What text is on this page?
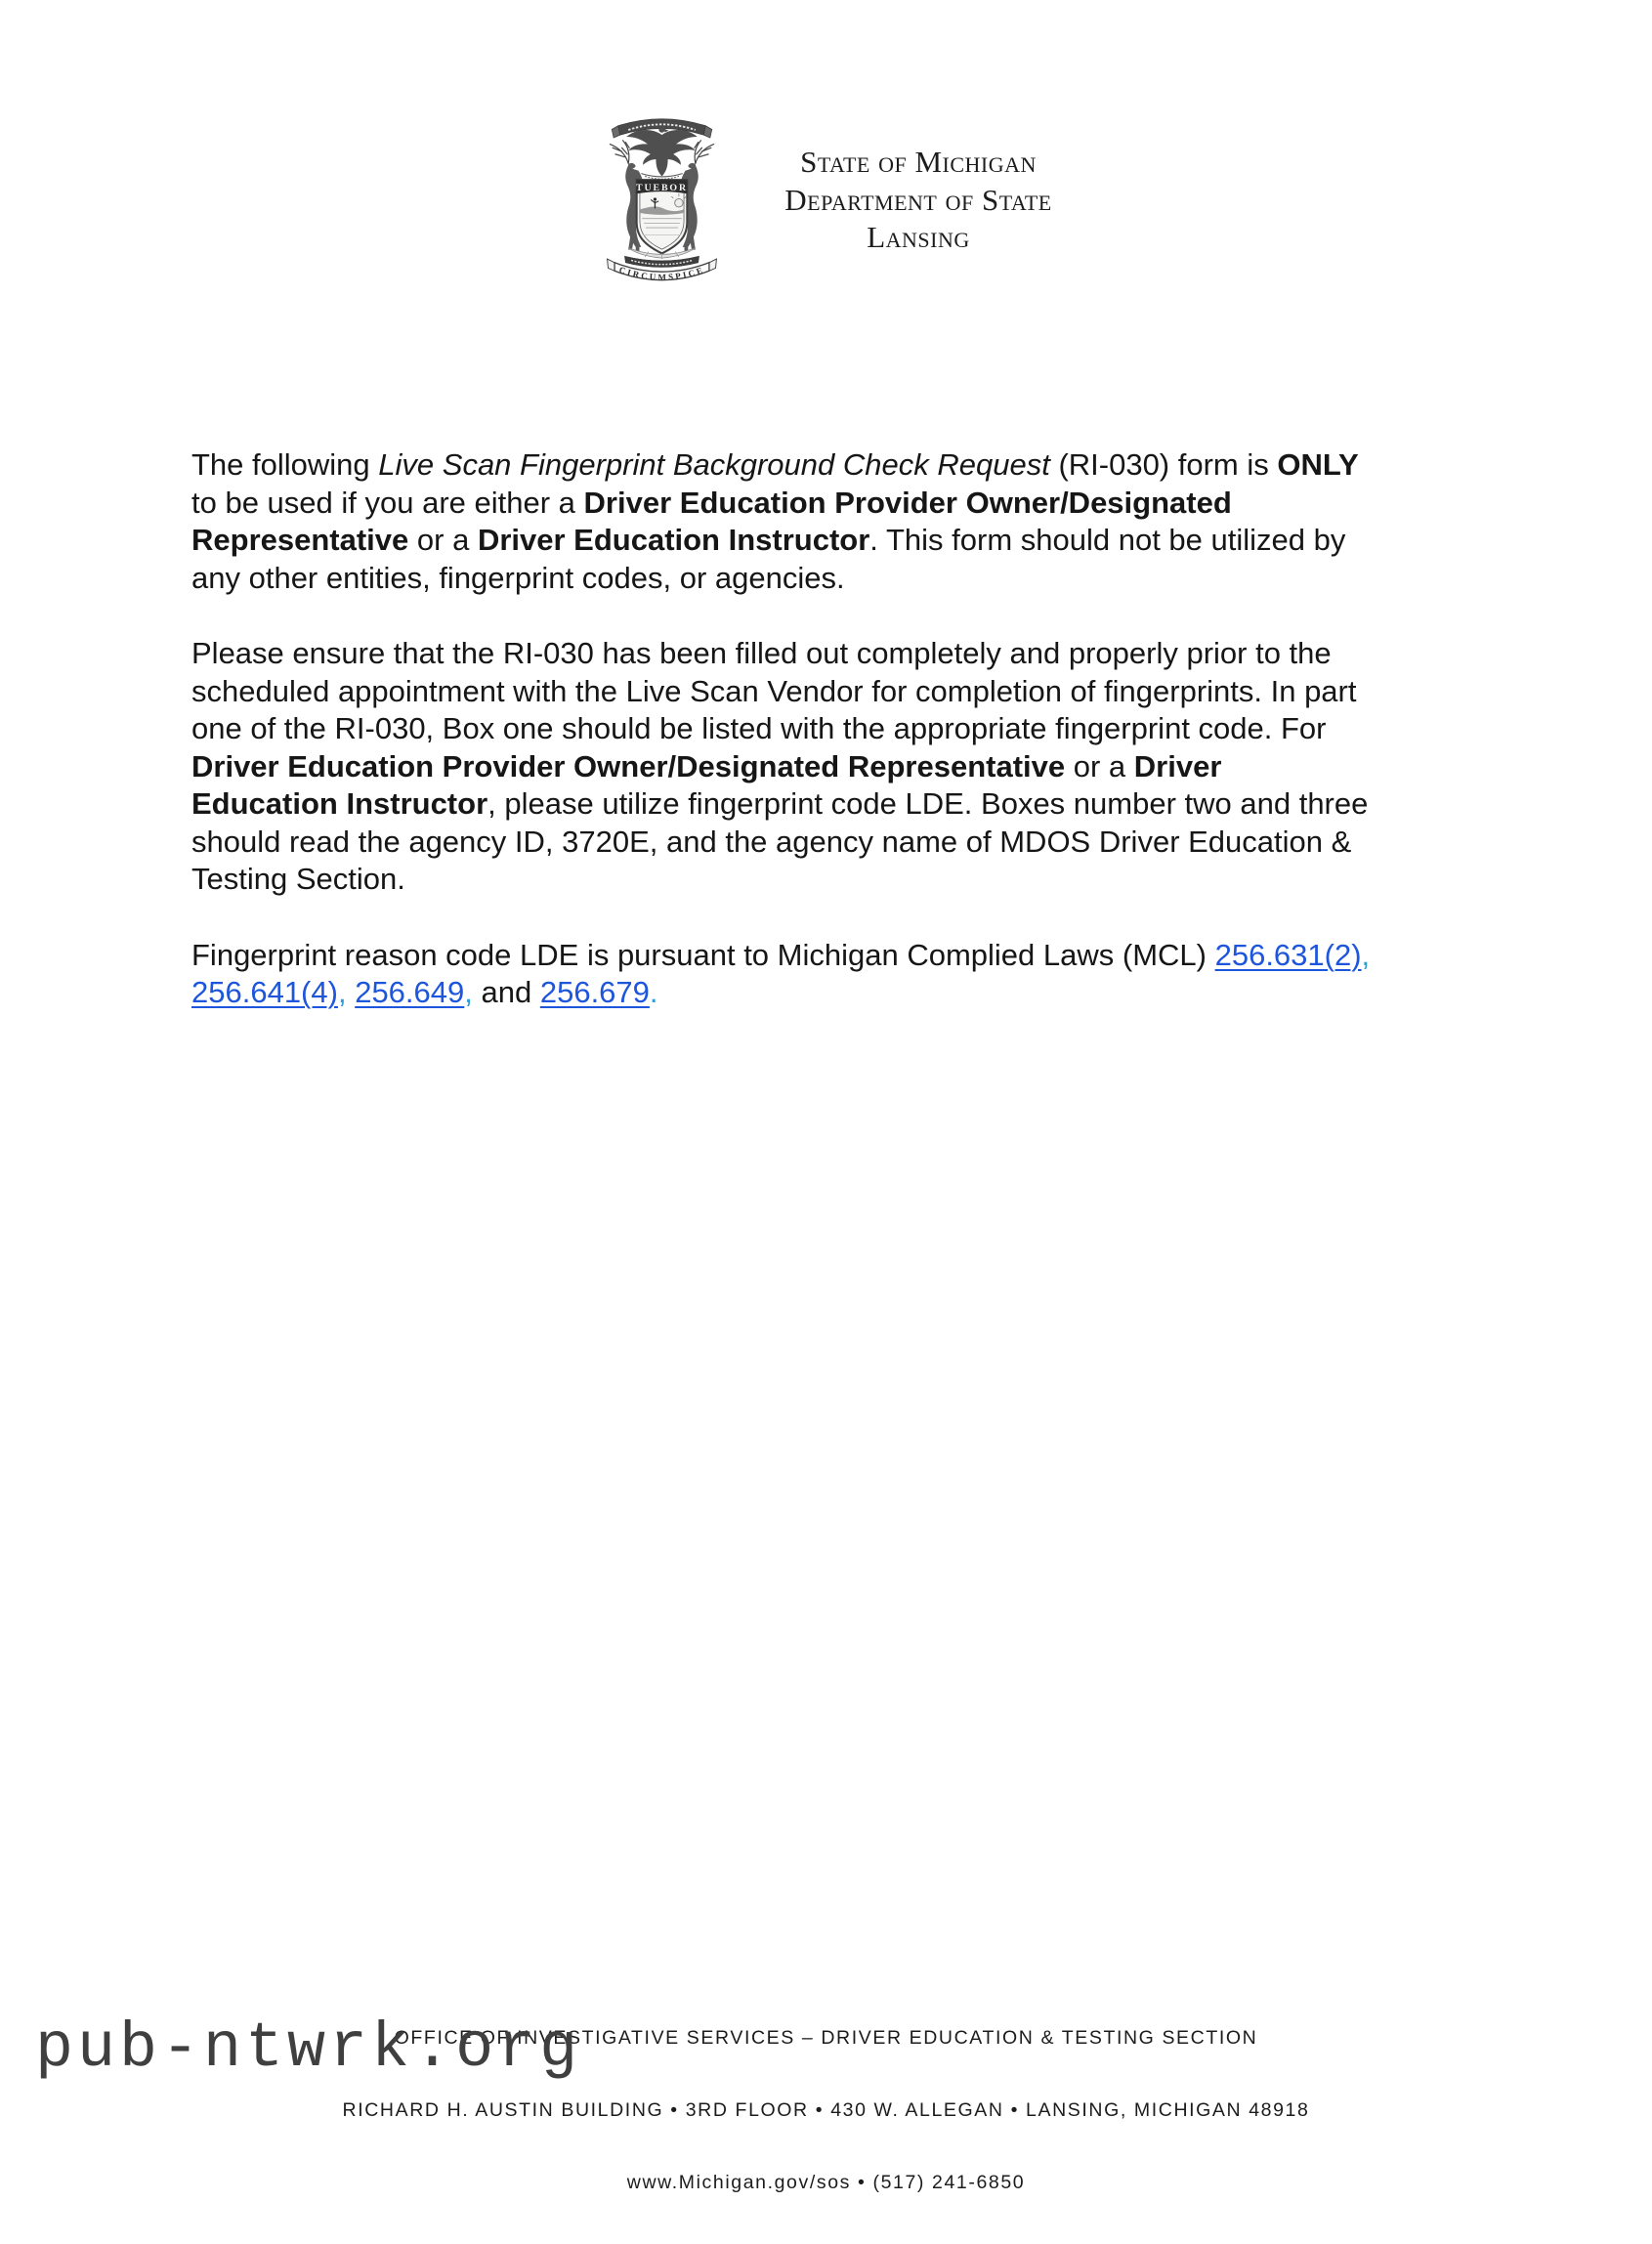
TUEBOR
CIRCUMSPICE
State of Michigan
Department of State
Lansing
The following Live Scan Fingerprint Background Check Request (RI-030) form is ONLY
to be used if you are either a Driver Education Provider Owner/Designated
Representative or a Driver Education Instructor. This form should not be utilized by
any other entities, fingerprint codes, or agencies.
Please ensure that the RI-030 has been filled out completely and properly prior to the
scheduled appointment with the Live Scan Vendor for completion of fingerprints. In part
one of the RI-030, Box one should be listed with the appropriate fingerprint code. For
Driver Education Provider Owner/Designated Representative or a Driver
Education Instructor, please utilize fingerprint code LDE. Boxes number two and three
should read the agency ID, 3720E, and the agency name of MDOS Driver Education &
Testing Section.
Fingerprint reason code LDE is pursuant to Michigan Complied Laws (MCL) 256.631(2),
256.641(4), 256.649, and 256.679.

OFFICE OF INVESTIGATIVE SERVICES – DRIVER EDUCATION & TESTING SECTION

RICHARD H. AUSTIN BUILDING • 3RD FLOOR • 430 W. ALLEGAN • LANSING, MICHIGAN 48918

www.Michigan.gov/sos • (517) 241-6850

pub-ntwrk.org
